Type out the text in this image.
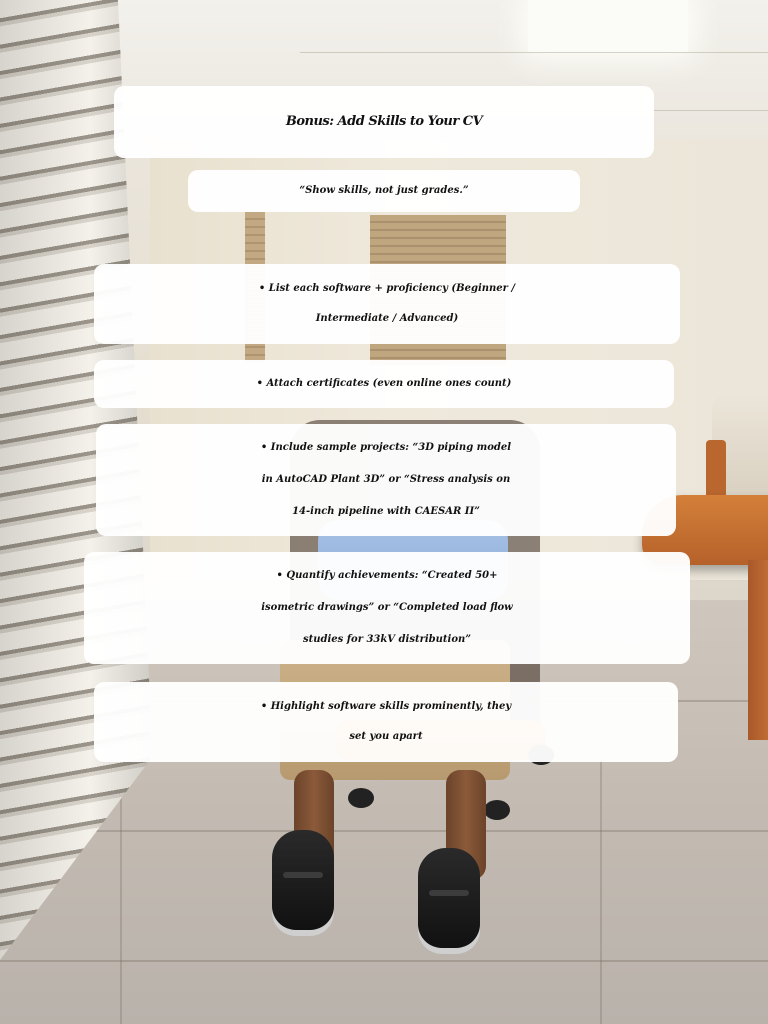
Bonus: Add Skills to Your CV
“Show skills, not just grades.”
• List each software + proficiency (Beginner /
Intermediate / Advanced)
• Attach certificates (even online ones count)
• Include sample projects: “3D piping model
in AutoCAD Plant 3D” or “Stress analysis on
14-inch pipeline with CAESAR II”
• Quantify achievements: “Created 50+
isometric drawings” or “Completed load flow
studies for 33kV distribution”
• Highlight software skills prominently, they
set you apart
